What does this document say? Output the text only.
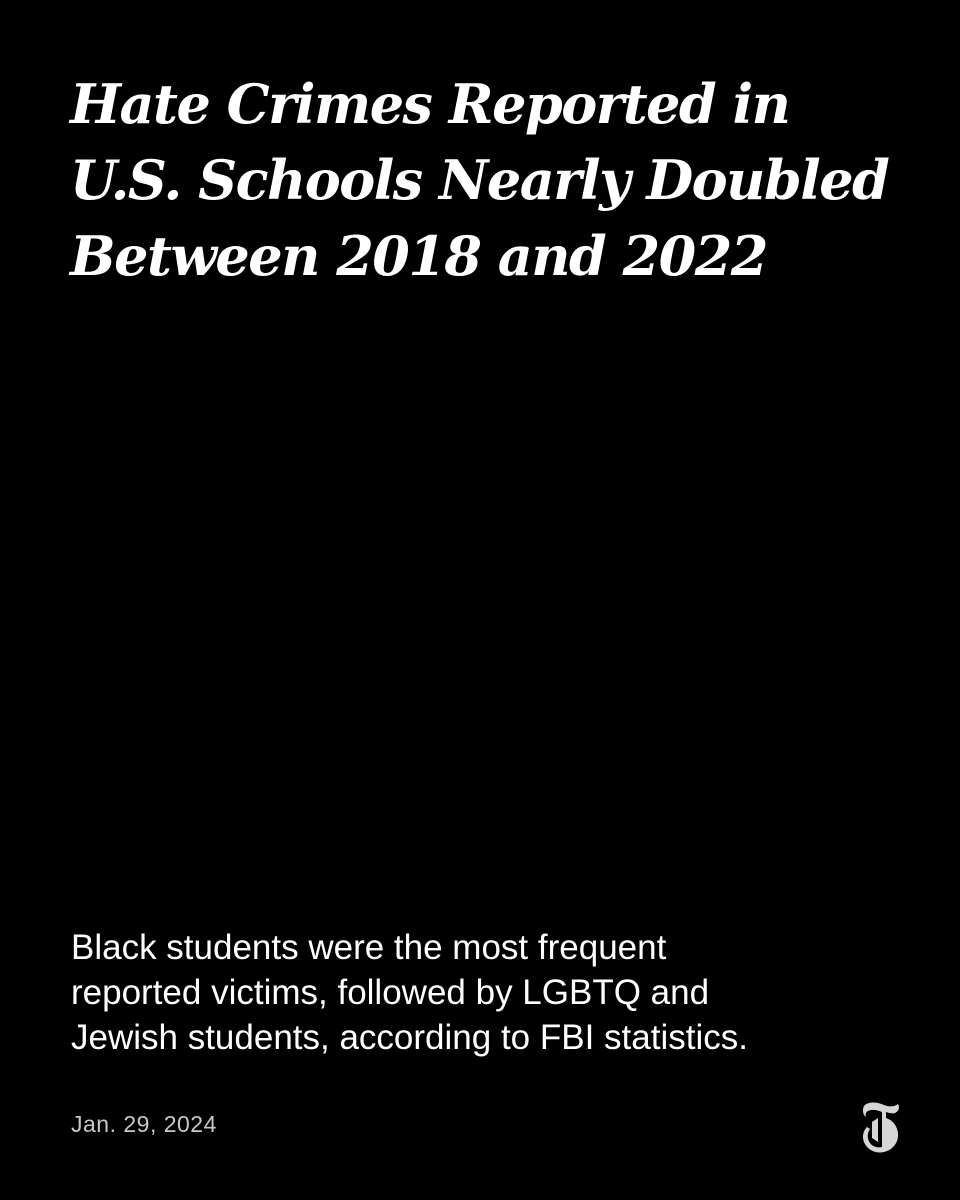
Hate Crimes Reported in
U.S. Schools Nearly Doubled
Between 2018 and 2022

Black students were the most frequent
reported victims, followed by LGBTQ and
Jewish students, according to FBI statistics.

Jan. 29, 2024
